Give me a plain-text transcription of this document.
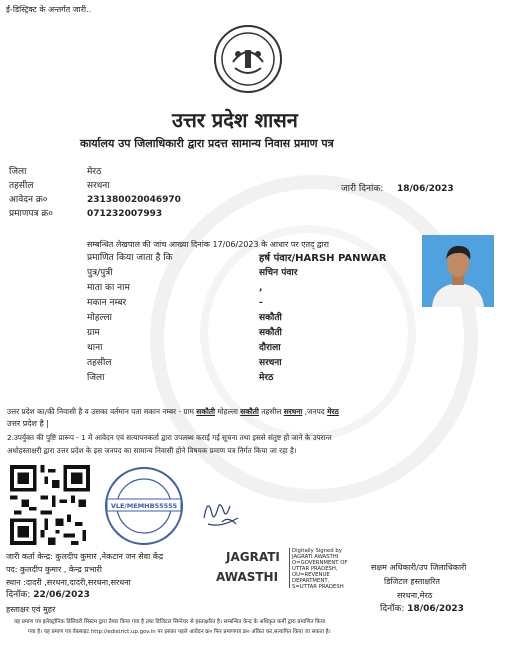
ई-डिस्ट्रिक्ट के अन्तर्गत जारी..
उत्तर प्रदेश शासन
कार्यालय उप जिलाधिकारी द्वारा प्रदत्त सामान्य निवास प्रमाण पत्र
जिला	मेरठ
तहसील	सरधना
आवेदन क्र०	231380020046970
प्रमाणपत्र क्र०	071232007993
जारी दिनांक: 18/06/2023
सम्बन्धित लेखपाल की जांच आख्या दिनांक 17/06/2023 के आधार पर एतद् द्वारा
प्रमाणित किया जाता है कि	हर्ष पंवार/HARSH PANWAR
पुत्र/पुत्री	सचिन पंवार
माता का नाम	,
मकान नम्बर	-
मोहल्ला	सकौती
ग्राम	सकौती
थाना	दौराला
तहसील	सरधना
जिला	मेरठ
उत्तर प्रदेश का/की निवासी है व उसका वर्तमान पता मकान नम्बर - ग्राम सकौती मोहल्ला सकौती तहसील सरधना ,जनपद मेरठ
उत्तर प्रदेश है |
2.उपर्युक्त की पुष्टि प्रारूप - 1 में आवेदन एवं सत्यापनकर्ता द्वारा उपलब्ध कराई गई सूचना तथा इससे संतुष्ट हो जाने के उपरान्त
अधोहस्ताक्षरी द्वारा उत्तर प्रदेश के इस जनपद का सामान्य निवासी होने विषयक प्रमाण पत्र निर्गत किया जा रहा है।
VLE/MEMHB55555
JAGRATI
AWASTHI
Digitally Signed by
JAGRATI AWASTHI
O=GOVERNMENT OF
UTTAR PRADESH,
OU=REVENUE
DEPARTMENT,
S=UTTAR PRADESH
जारी कर्ता केन्द्र: कुलदीप कुमार ,नेकटान जन सेवा केंद्र
पद: कुलदीप कुमार , केन्द्र प्रभारी
स्थान :दादरी ,सरधना,दादरी,सरधना,सरधना
दिनॉक: 22/06/2023
हस्ताक्षर एवं मुहर
सक्षम अधिकारी/उप जिलाधिकारी
डिजिटल हस्ताक्षरित
सरधना,मेरठ
दिनॉक: 18/06/2023
यह प्रमाण पत्र इलेक्ट्रॉनिक डिलिवरी सिस्टम द्वारा तैयार किया गया है तथा डिजिटल सिग्नेचर से हस्ताक्षरित है। सम्बन्धित केन्द्र के अधिकृत कर्मी द्वारा प्रमाणित किया
गया है। यह प्रमाण पत्र वेबसाइट http://edistrict.up.gov.in पर इसका पहले आवेदन क्र० फिर प्रमाणपत्र क्र० अंकित कर,सत्यापित किया जा सकता है।
